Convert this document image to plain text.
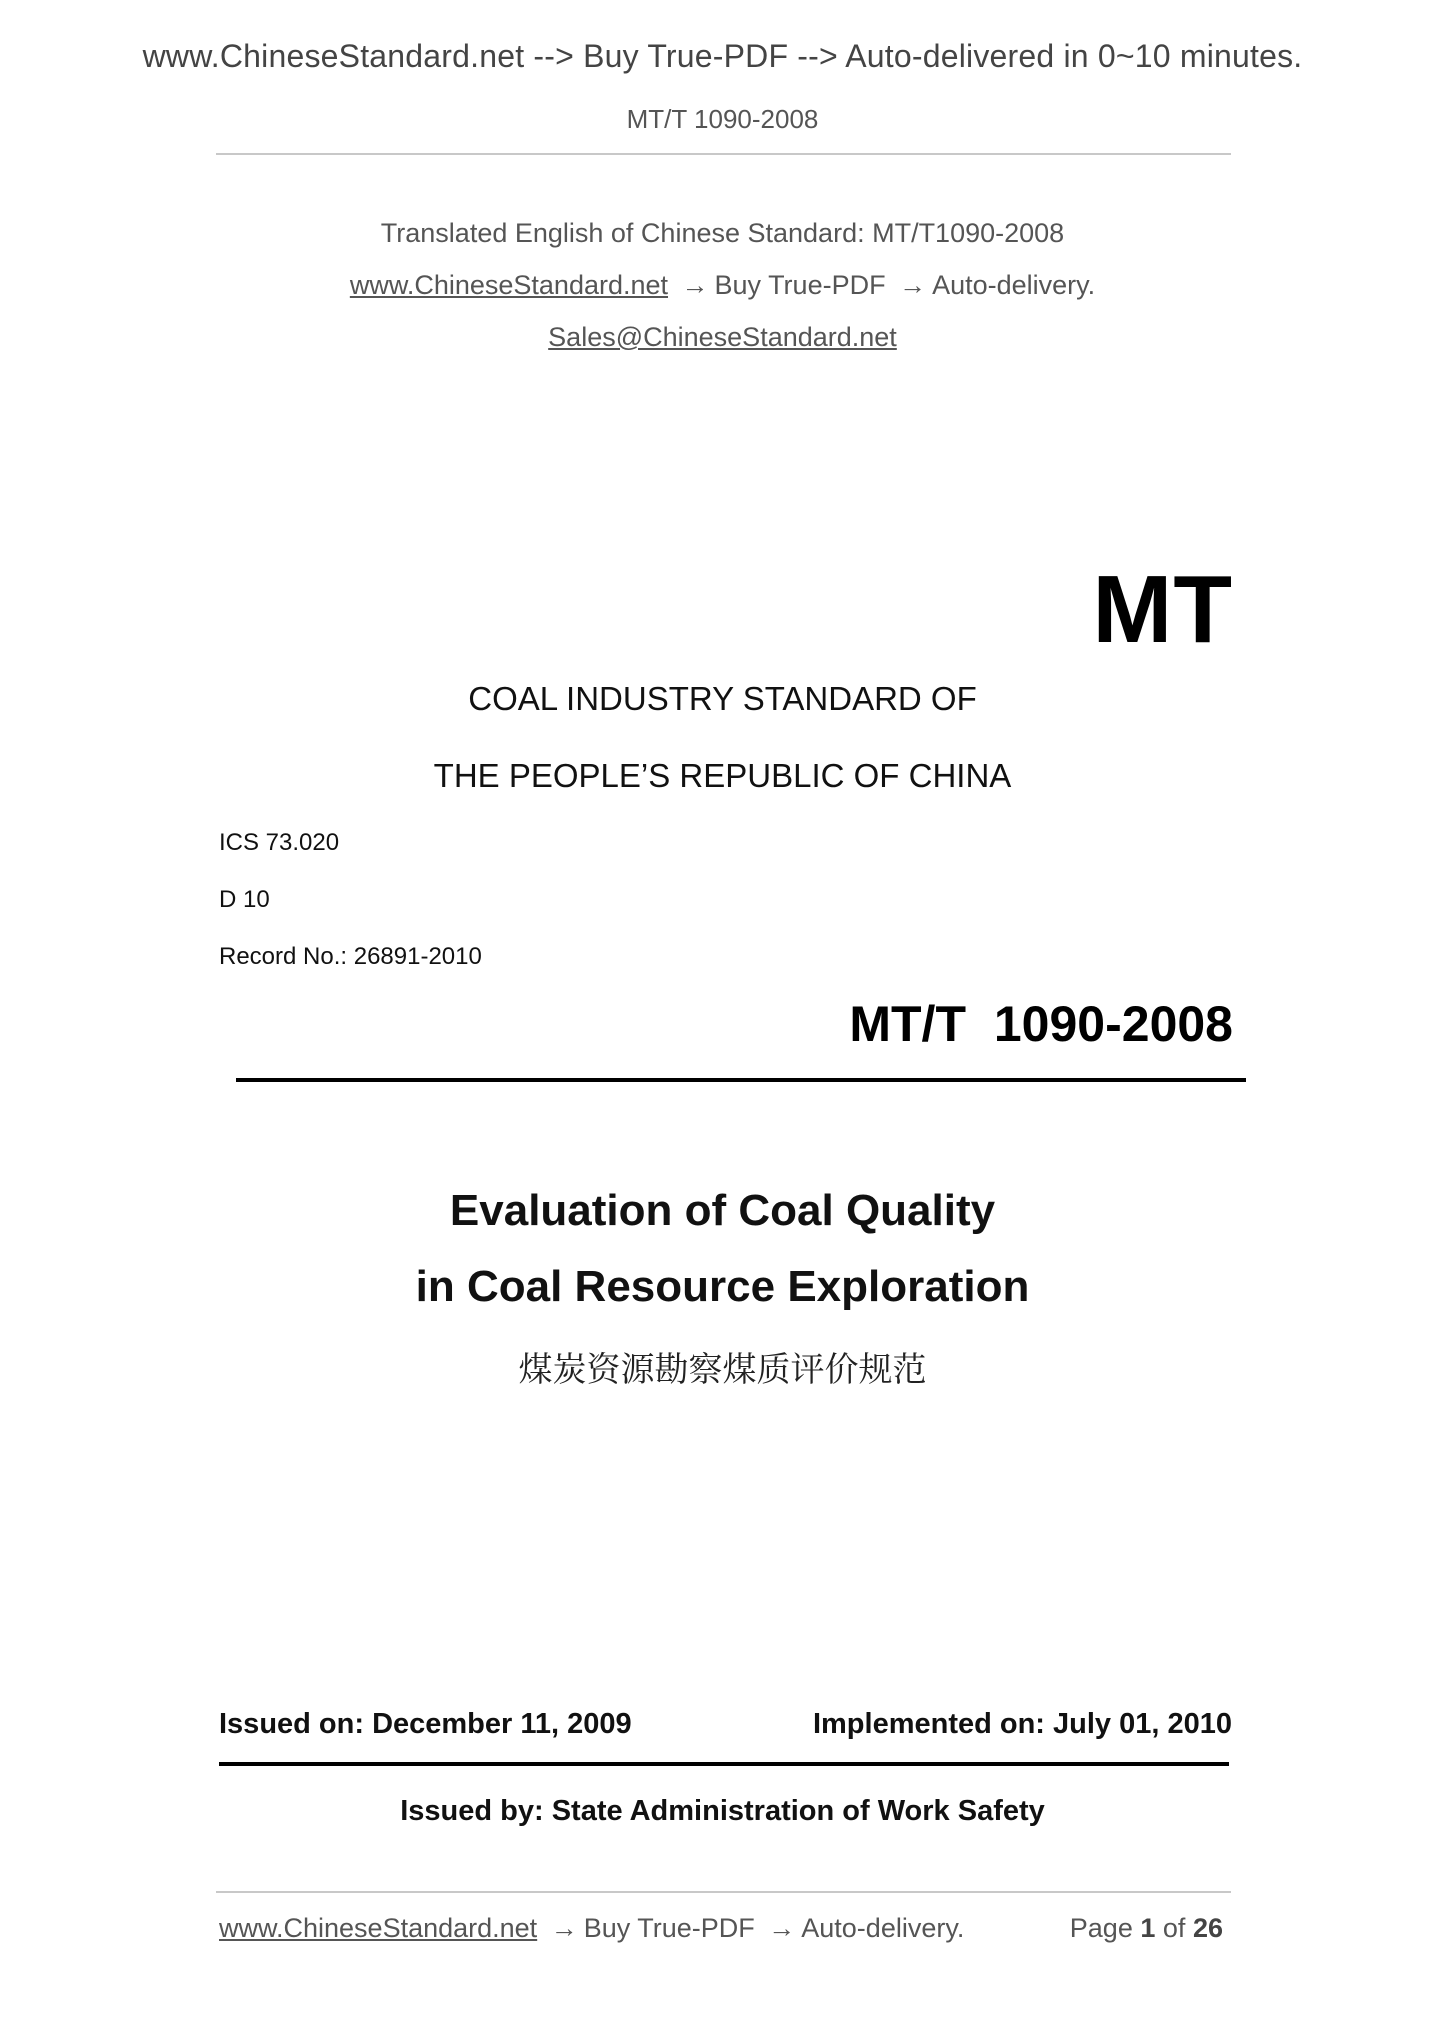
www.ChineseStandard.net --> Buy True-PDF --> Auto-delivered in 0~10 minutes.
MT/T 1090-2008
Translated English of Chinese Standard: MT/T1090-2008
www.ChineseStandard.net → Buy True-PDF → Auto-delivery.
Sales@ChineseStandard.net
MT
COAL INDUSTRY STANDARD OF
THE PEOPLE’S REPUBLIC OF CHINA
ICS 73.020
D 10
Record No.: 26891-2010
MT/T 1090-2008
Evaluation of Coal Quality
in Coal Resource Exploration
煤炭资源勘察煤质评价规范
Issued on: December 11, 2009	Implemented on: July 01, 2010
Issued by: State Administration of Work Safety
www.ChineseStandard.net → Buy True-PDF → Auto-delivery.	Page 1 of 26
